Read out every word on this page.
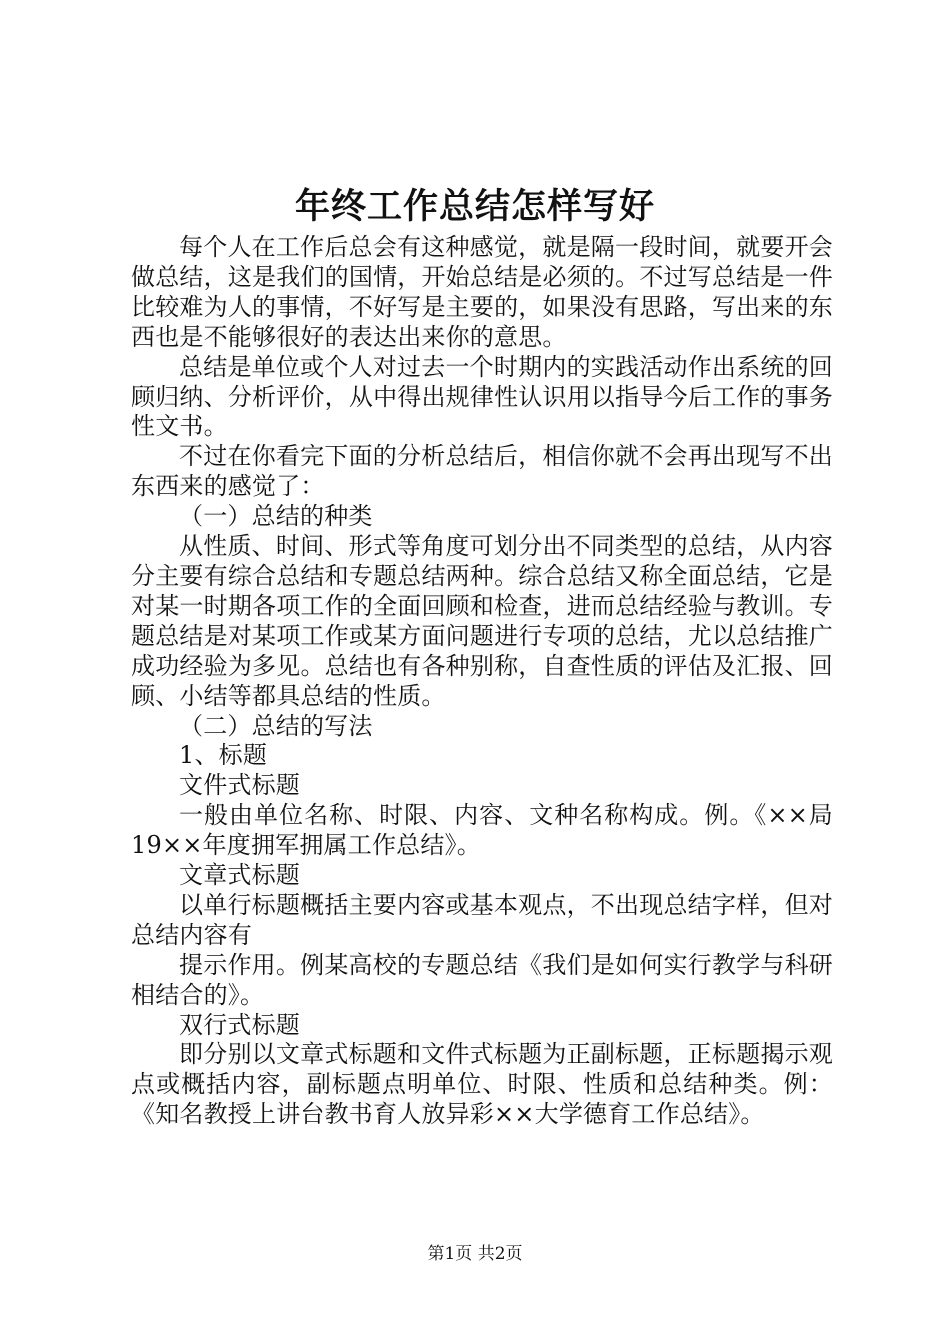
年终工作总结怎样写好

每个人在工作后总会有这种感觉，就是隔一段时间，就要开会做总结，这是我们的国情，开始总结是必须的。不过写总结是一件比较难为人的事情，不好写是主要的，如果没有思路，写出来的东西也是不能够很好的表达出来你的意思。

总结是单位或个人对过去一个时期内的实践活动作出系统的回顾归纳、分析评价，从中得出规律性认识用以指导今后工作的事务性文书。

不过在你看完下面的分析总结后，相信你就不会再出现写不出东西来的感觉了：

（一）总结的种类

从性质、时间、形式等角度可划分出不同类型的总结，从内容分主要有综合总结和专题总结两种。综合总结又称全面总结，它是对某一时期各项工作的全面回顾和检查，进而总结经验与教训。专题总结是对某项工作或某方面问题进行专项的总结，尤以总结推广成功经验为多见。总结也有各种别称，自查性质的评估及汇报、回顾、小结等都具总结的性质。

（二）总结的写法

1、标题

文件式标题

一般由单位名称、时限、内容、文种名称构成。例。《××局19××年度拥军拥属工作总结》。

文章式标题

以单行标题概括主要内容或基本观点，不出现总结字样，但对总结内容有

提示作用。例某高校的专题总结《我们是如何实行教学与科研相结合的》。

双行式标题

即分别以文章式标题和文件式标题为正副标题，正标题揭示观点或概括内容，副标题点明单位、时限、性质和总结种类。例：《知名教授上讲台教书育人放异彩××大学德育工作总结》。

第1页 共2页
